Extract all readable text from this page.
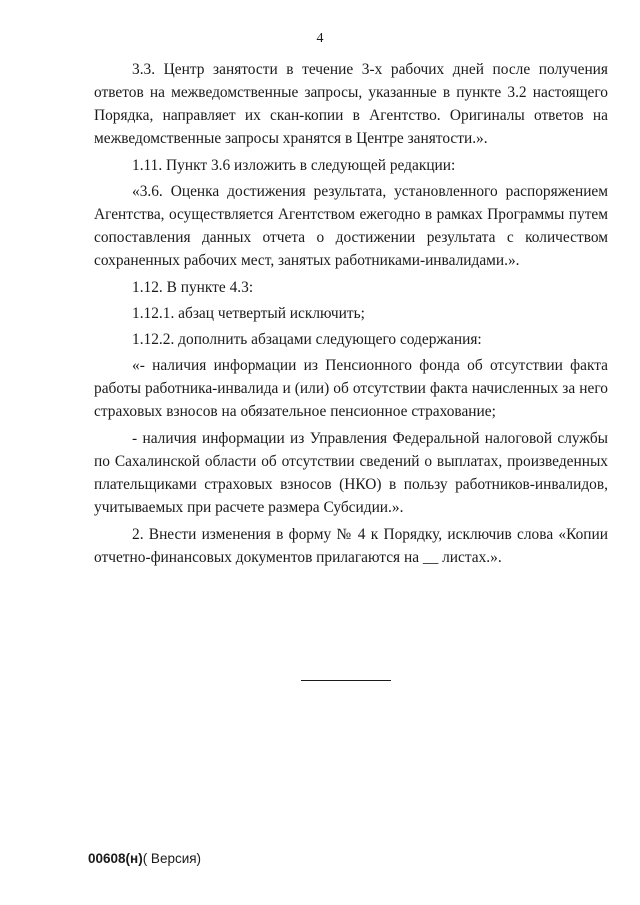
4

3.3. Центр занятости в течение 3-х рабочих дней после получения ответов на межведомственные запросы, указанные в пункте 3.2 настоящего Порядка, направляет их скан-копии в Агентство. Оригиналы ответов на межведомственные запросы хранятся в Центре занятости.».

1.11. Пункт 3.6 изложить в следующей редакции:

«3.6. Оценка достижения результата, установленного распоряжением Агентства, осуществляется Агентством ежегодно в рамках Программы путем сопоставления данных отчета о достижении результата с количеством сохраненных рабочих мест, занятых работниками-инвалидами.».

1.12. В пункте 4.3:

1.12.1. абзац четвертый исключить;

1.12.2. дополнить абзацами следующего содержания:

«- наличия информации из Пенсионного фонда об отсутствии факта работы работника-инвалида и (или) об отсутствии факта начисленных за него страховых взносов на обязательное пенсионное страхование;

- наличия информации из Управления Федеральной налоговой службы по Сахалинской области об отсутствии сведений о выплатах, произведенных плательщиками страховых взносов (НКО) в пользу работников-инвалидов, учитываемых при расчете размера Субсидии.».

2. Внести изменения в форму № 4 к Порядку, исключив слова «Копии отчетно-финансовых документов прилагаются на __ листах.».

00608(н)( Версия)
